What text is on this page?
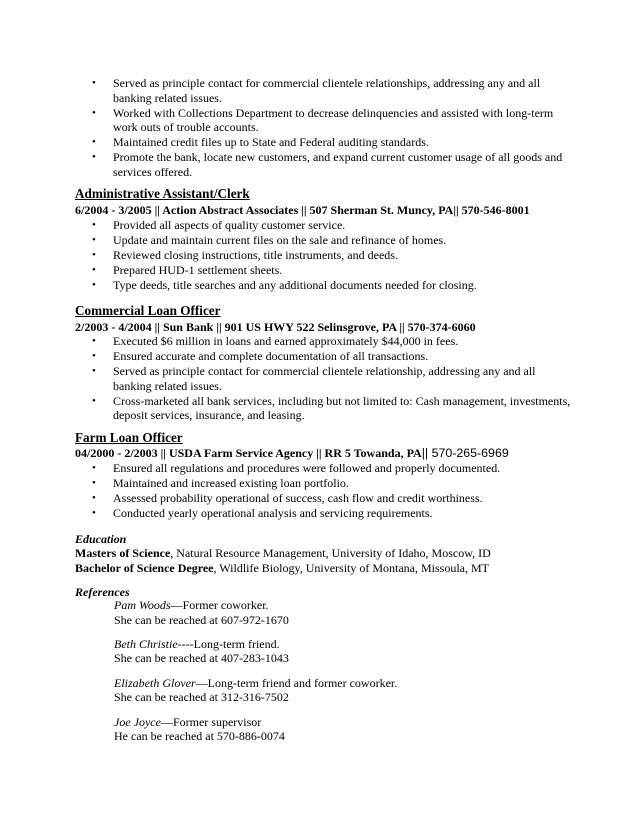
• Served as principle contact for commercial clientele relationships, addressing any and all banking related issues.
• Worked with Collections Department to decrease delinquencies and assisted with long-term work outs of trouble accounts.
• Maintained credit files up to State and Federal auditing standards.
• Promote the bank, locate new customers, and expand current customer usage of all goods and services offered.
Administrative Assistant/Clerk
6/2004 - 3/2005 || Action Abstract Associates || 507 Sherman St. Muncy, PA|| 570-546-8001
• Provided all aspects of quality customer service.
• Update and maintain current files on the sale and refinance of homes.
• Reviewed closing instructions, title instruments, and deeds.
• Prepared HUD-1 settlement sheets.
• Type deeds, title searches and any additional documents needed for closing.
Commercial Loan Officer
2/2003 - 4/2004 || Sun Bank || 901 US HWY 522 Selinsgrove, PA || 570-374-6060
• Executed $6 million in loans and earned approximately $44,000 in fees.
• Ensured accurate and complete documentation of all transactions.
• Served as principle contact for commercial clientele relationship, addressing any and all banking related issues.
• Cross-marketed all bank services, including but not limited to: Cash management, investments, deposit services, insurance, and leasing.
Farm Loan Officer
04/2000 - 2/2003 || USDA Farm Service Agency || RR 5 Towanda, PA|| 570-265-6969
• Ensured all regulations and procedures were followed and properly documented.
• Maintained and increased existing loan portfolio.
• Assessed probability operational of success, cash flow and credit worthiness.
• Conducted yearly operational analysis and servicing requirements.
Education
Masters of Science, Natural Resource Management, University of Idaho, Moscow, ID
Bachelor of Science Degree, Wildlife Biology, University of Montana, Missoula, MT
References
Pam Woods—Former coworker.
She can be reached at 607-972-1670
Beth Christie----Long-term friend.
She can be reached at 407-283-1043
Elizabeth Glover—Long-term friend and former coworker.
She can be reached at 312-316-7502
Joe Joyce—Former supervisor
He can be reached at 570-886-0074
